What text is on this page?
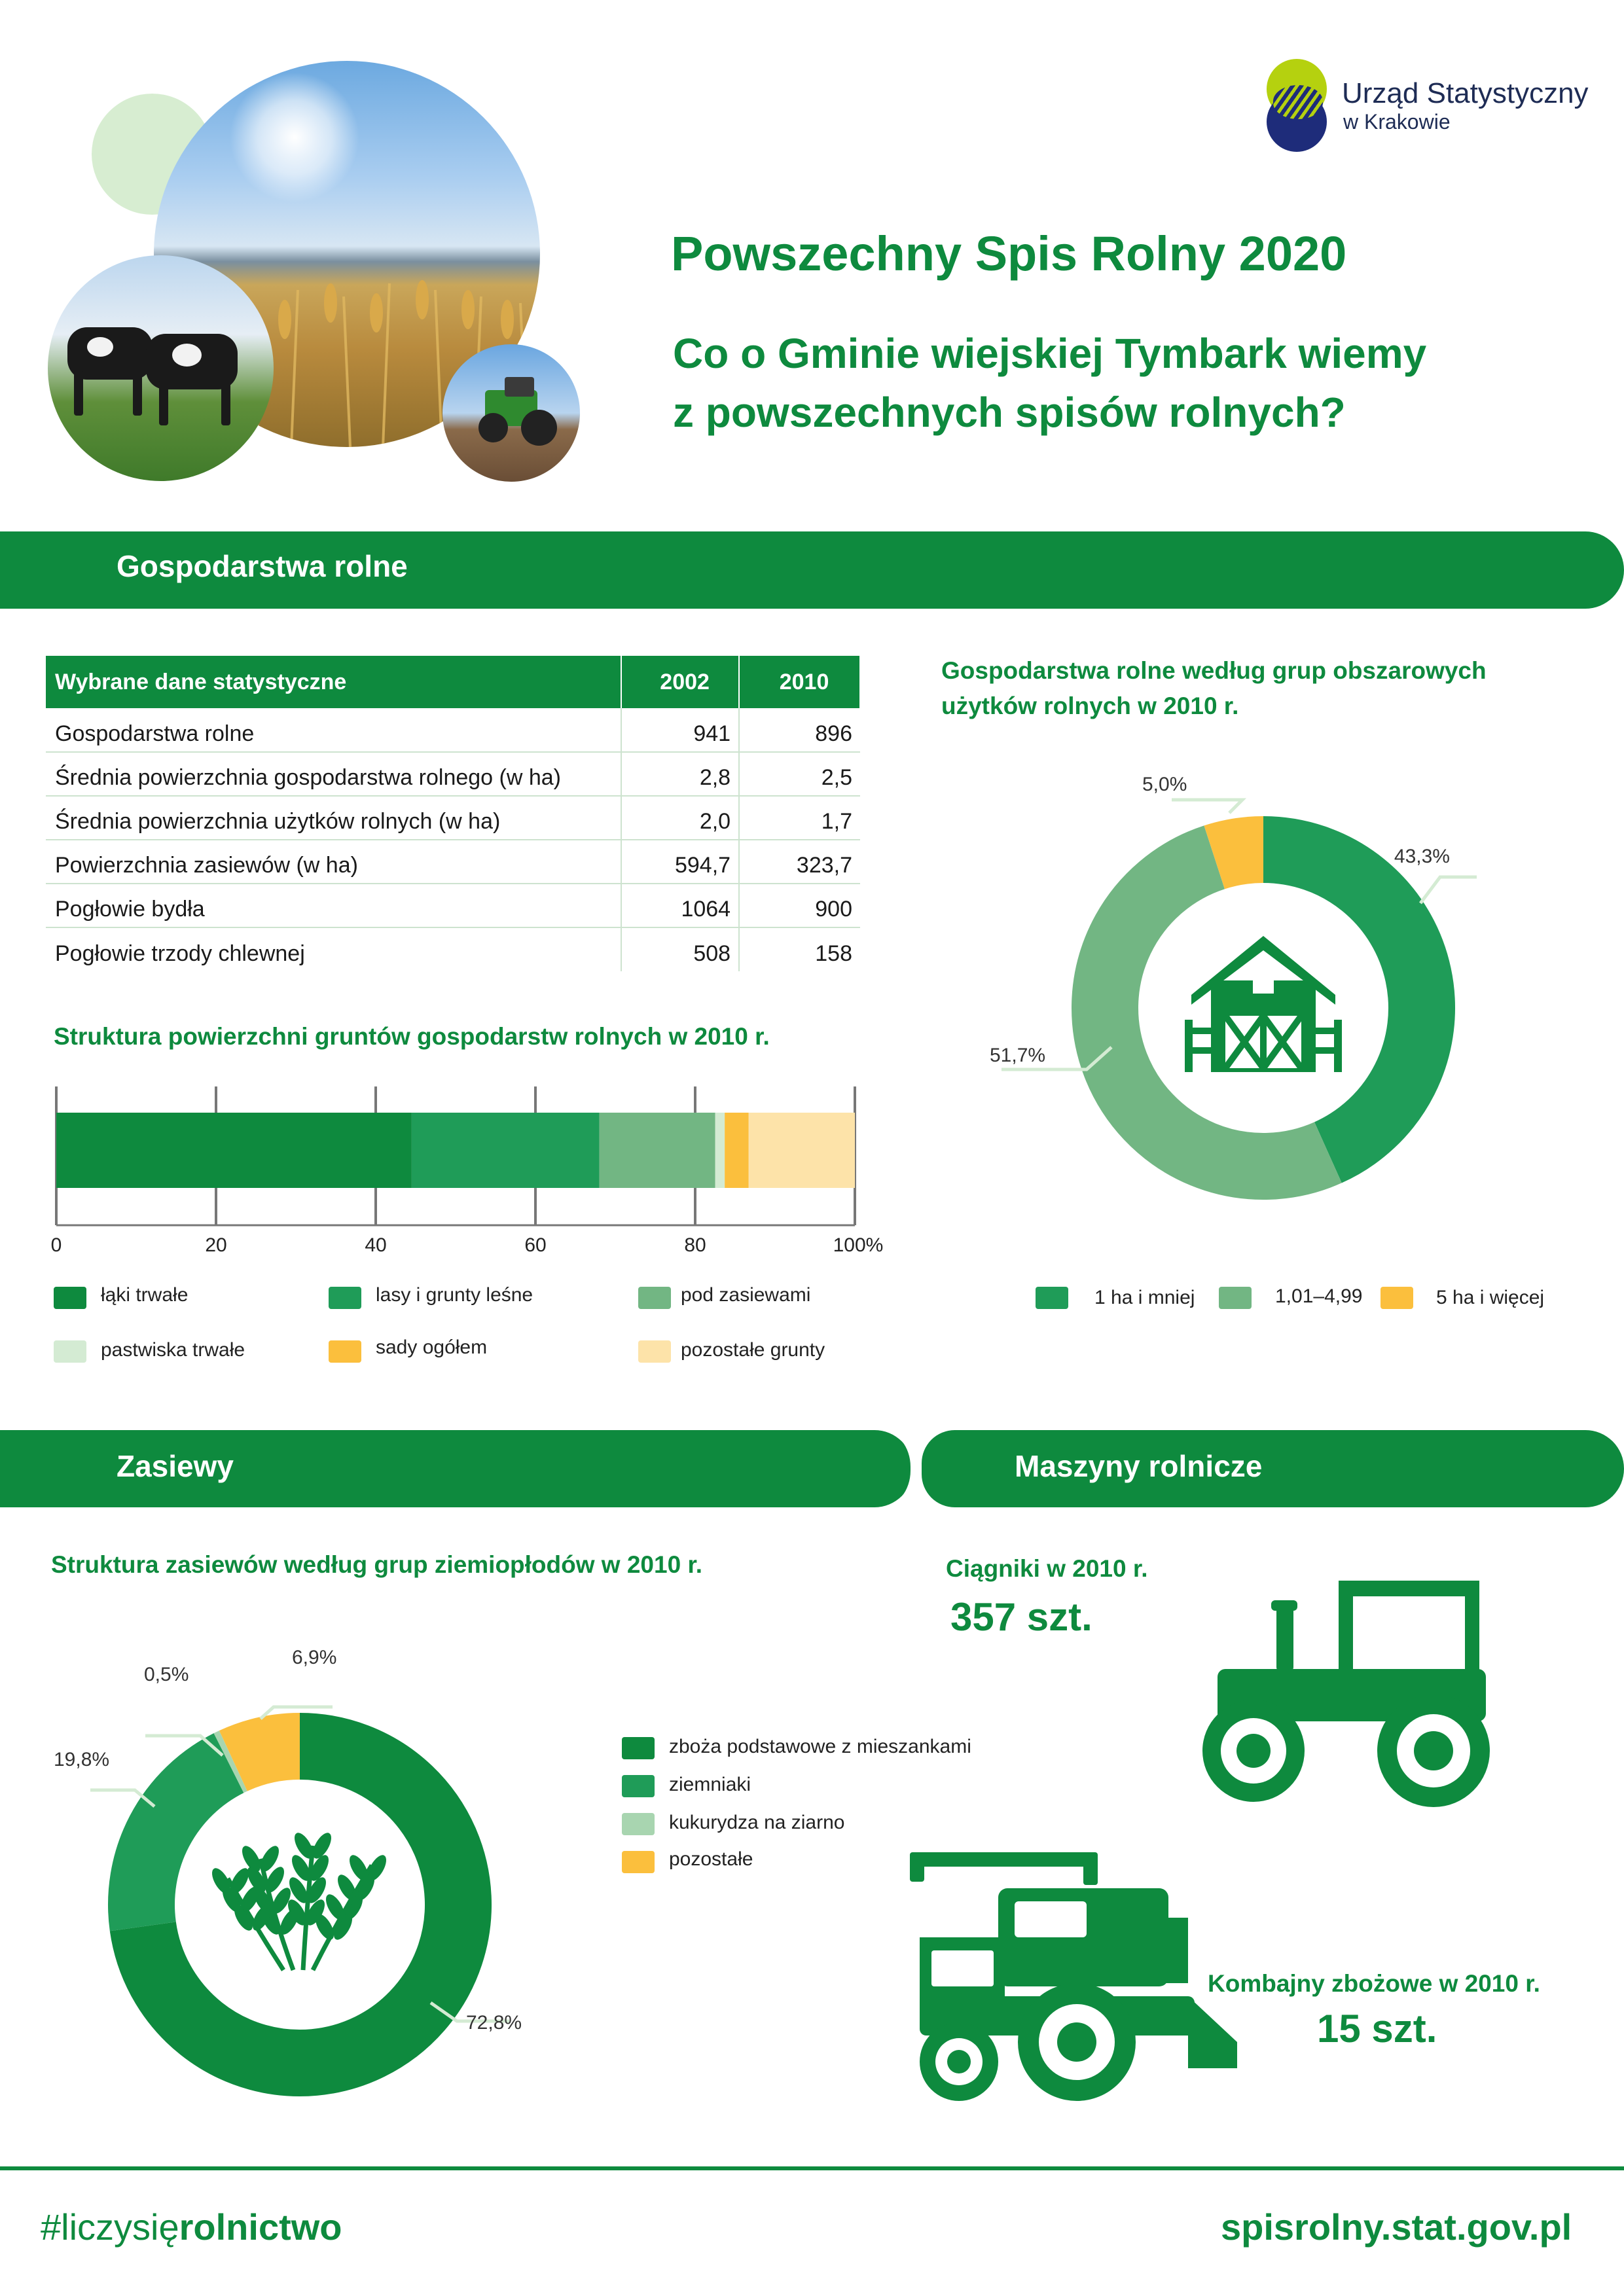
Urząd Statystyczny
w Krakowie
Powszechny Spis Rolny 2020
Co o Gminie wiejskiej Tymbark wiemy
z powszechnych spisów rolnych?
Gospodarstwa rolne
Wybrane dane statystyczne	2002	2010
Gospodarstwa rolne	941	896
Średnia powierzchnia gospodarstwa rolnego (w ha)	2,8	2,5
Średnia powierzchnia użytków rolnych (w ha)	2,0	1,7
Powierzchnia zasiewów (w ha)	594,7	323,7
Pogłowie bydła	1064	900
Pogłowie trzody chlewnej	508	158
Struktura powierzchni gruntów gospodarstw rolnych w 2010 r.
0	20	40	60	80	100%
łąki trwałe	lasy i grunty leśne	pod zasiewami
pastwiska trwałe	sady ogółem	pozostałe grunty
Gospodarstwa rolne według grup obszarowych
użytków rolnych w 2010 r.
43,3%
51,7%
5,0%
1 ha i mniej	1,01–4,99	5 ha i więcej
Zasiewy	Maszyny rolnicze
Struktura zasiewów według grup ziemiopłodów w 2010 r.
72,8%
19,8%
0,5%
6,9%
zboża podstawowe z mieszankami
ziemniaki
kukurydza na ziarno
pozostałe
Ciągniki w 2010 r.
357 szt.
Kombajny zbożowe w 2010 r.
15 szt.
#liczysięrolnictwo	spisrolny.stat.gov.pl
